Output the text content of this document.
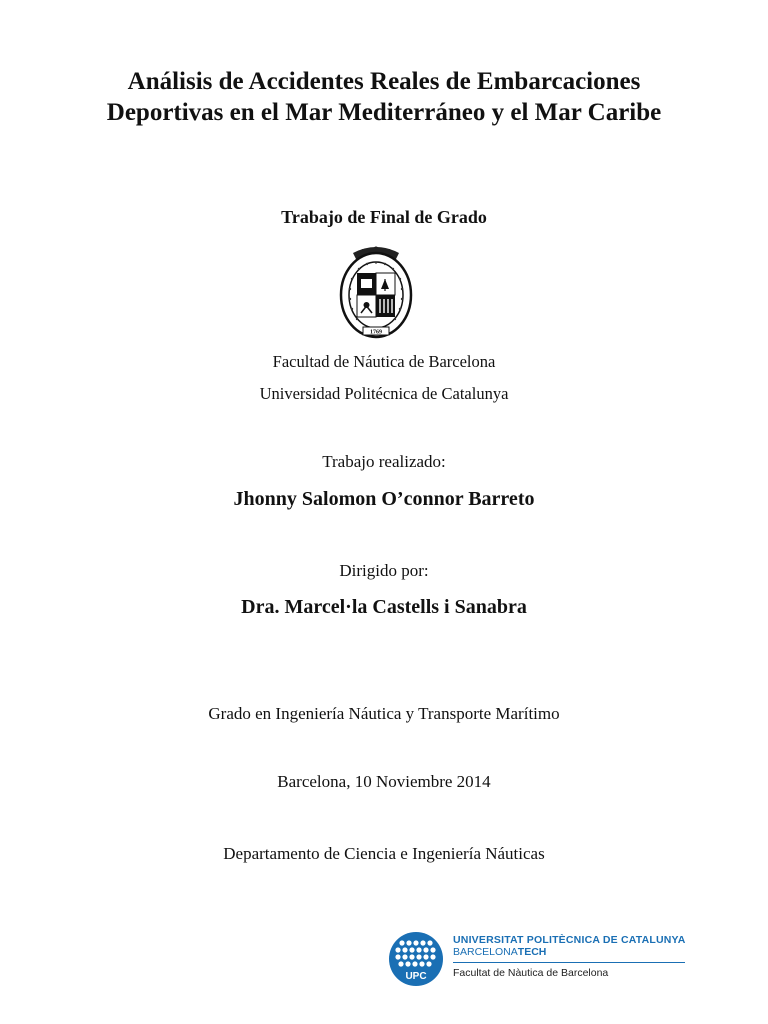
Análisis de Accidentes Reales de Embarcaciones
Deportivas en el Mar Mediterráneo y el Mar Caribe
Trabajo de Final de Grado
1769
Facultad de Náutica de Barcelona
Universidad Politécnica de Catalunya
Trabajo realizado:
Jhonny Salomon O’connor Barreto
Dirigido por:
Dra. Marcel·la Castells i Sanabra
Grado en Ingeniería Náutica y Transporte Marítimo
Barcelona, 10 Noviembre 2014
Departamento de Ciencia e Ingeniería Náuticas
UPC
UNIVERSITAT POLITÈCNICA DE CATALUNYA
BARCELONATECH
Facultat de Nàutica de Barcelona
